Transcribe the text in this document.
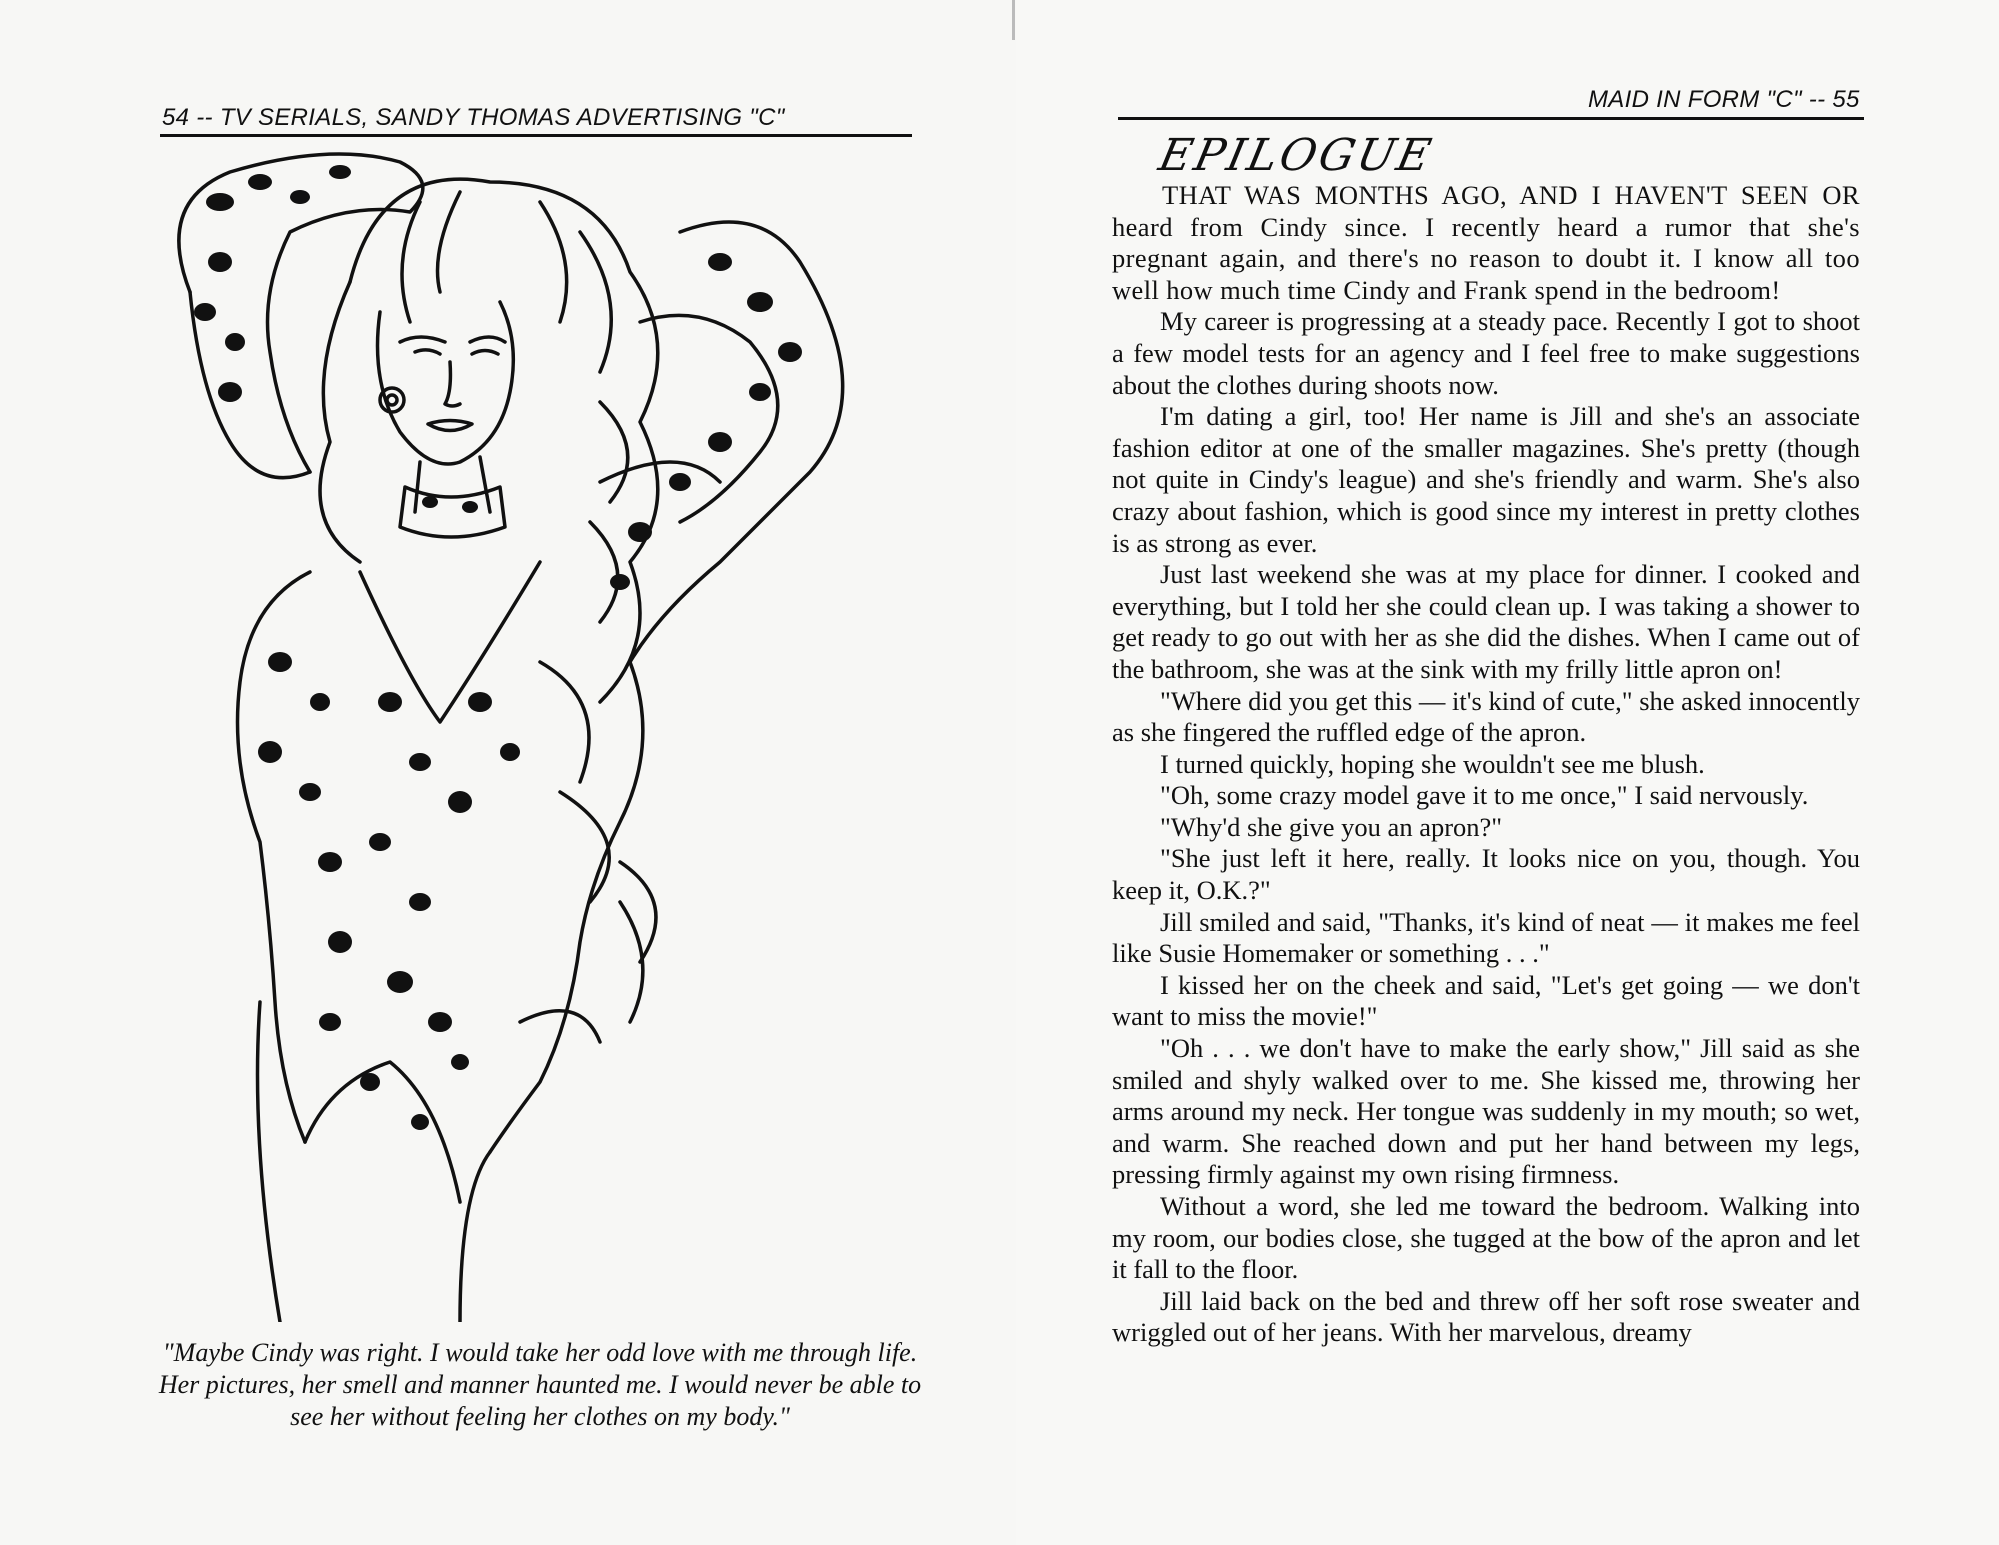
54 -- TV SERIALS, SANDY THOMAS ADVERTISING "C"
"Maybe Cindy was right. I would take her odd love with me through life. Her pictures, her smell and manner haunted me. I would never be able to see her without feeling her clothes on my body."
MAID IN FORM "C" -- 55
EPILOGUE

THAT WAS MONTHS AGO, AND I HAVEN'T SEEN OR heard from Cindy since. I recently heard a rumor that she's pregnant again, and there's no reason to doubt it. I know all too well how much time Cindy and Frank spend in the bedroom!

My career is progressing at a steady pace. Recently I got to shoot a few model tests for an agency and I feel free to make suggestions about the clothes during shoots now.

I'm dating a girl, too! Her name is Jill and she's an associate fashion editor at one of the smaller magazines. She's pretty (though not quite in Cindy's league) and she's friendly and warm. She's also crazy about fashion, which is good since my interest in pretty clothes is as strong as ever.

Just last weekend she was at my place for dinner. I cooked and everything, but I told her she could clean up. I was taking a shower to get ready to go out with her as she did the dishes. When I came out of the bathroom, she was at the sink with my frilly little apron on!

"Where did you get this — it's kind of cute," she asked innocently as she fingered the ruffled edge of the apron.

I turned quickly, hoping she wouldn't see me blush.

"Oh, some crazy model gave it to me once," I said nervously.

"Why'd she give you an apron?"

"She just left it here, really. It looks nice on you, though. You keep it, O.K.?"

Jill smiled and said, "Thanks, it's kind of neat — it makes me feel like Susie Homemaker or something . . ."

I kissed her on the cheek and said, "Let's get going — we don't want to miss the movie!"

"Oh . . . we don't have to make the early show," Jill said as she smiled and shyly walked over to me. She kissed me, throwing her arms around my neck. Her tongue was suddenly in my mouth; so wet, and warm. She reached down and put her hand between my legs, pressing firmly against my own rising firmness.

Without a word, she led me toward the bedroom. Walking into my room, our bodies close, she tugged at the bow of the apron and let it fall to the floor.

Jill laid back on the bed and threw off her soft rose sweater and wriggled out of her jeans. With her marvelous, dreamy
